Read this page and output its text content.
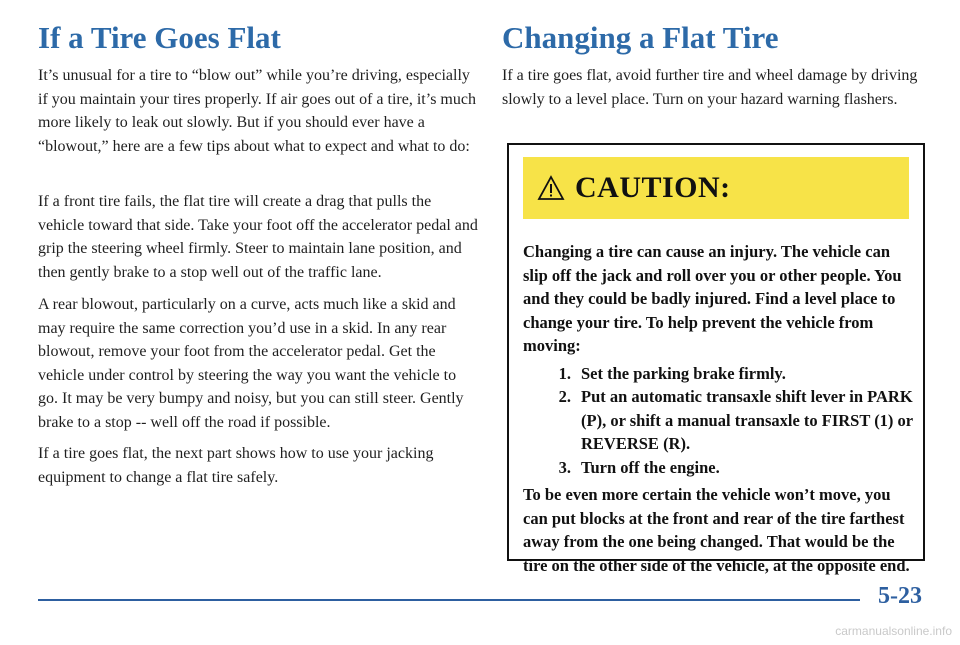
If a Tire Goes Flat

It’s unusual for a tire to “blow out” while you’re driving, especially if you maintain your tires properly. If air goes out of a tire, it’s much more likely to leak out slowly. But if you should ever have a “blowout,” here are a few tips about what to expect and what to do:

If a front tire fails, the flat tire will create a drag that pulls the vehicle toward that side. Take your foot off the accelerator pedal and grip the steering wheel firmly. Steer to maintain lane position, and then gently brake to a stop well out of the traffic lane.

A rear blowout, particularly on a curve, acts much like a skid and may require the same correction you’d use in a skid. In any rear blowout, remove your foot from the accelerator pedal. Get the vehicle under control by steering the way you want the vehicle to go. It may be very bumpy and noisy, but you can still steer. Gently brake to a stop -- well off the road if possible.

If a tire goes flat, the next part shows how to use your jacking equipment to change a flat tire safely.

Changing a Flat Tire

If a tire goes flat, avoid further tire and wheel damage by driving slowly to a level place. Turn on your hazard warning flashers.

CAUTION:

Changing a tire can cause an injury. The vehicle can slip off the jack and roll over you or other people. You and they could be badly injured. Find a level place to change your tire. To help prevent the vehicle from moving:

1. Set the parking brake firmly.
2. Put an automatic transaxle shift lever in PARK (P), or shift a manual transaxle to FIRST (1) or REVERSE (R).
3. Turn off the engine.

To be even more certain the vehicle won’t move, you can put blocks at the front and rear of the tire farthest away from the one being changed. That would be the tire on the other side of the vehicle, at the opposite end.

5-23
carmanualsonline.info
